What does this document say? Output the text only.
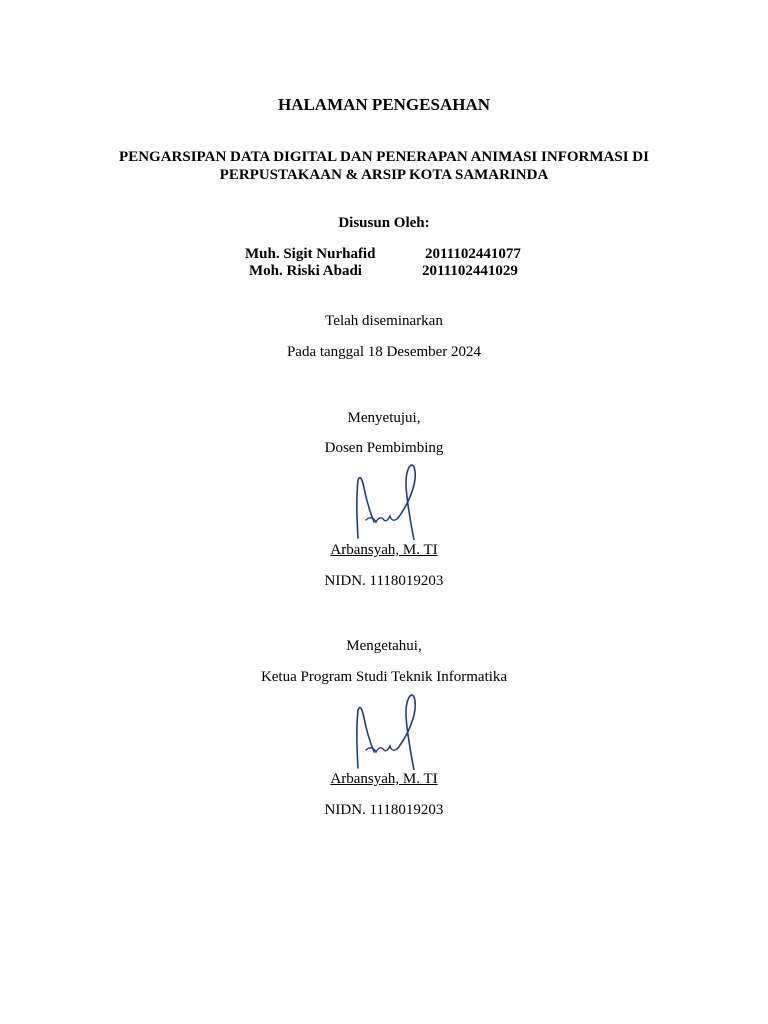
HALAMAN PENGESAHAN
PENGARSIPAN DATA DIGITAL DAN PENERAPAN ANIMASI INFORMASI DI
PERPUSTAKAAN & ARSIP KOTA SAMARINDA
Disusun Oleh:
Muh. Sigit Nurhafid	2011102441077
Moh. Riski Abadi	2011102441029
Telah diseminarkan
Pada tanggal 18 Desember 2024
Menyetujui,
Dosen Pembimbing
Arbansyah, M. TI
NIDN. 1118019203
Mengetahui,
Ketua Program Studi Teknik Informatika
Arbansyah, M. TI
NIDN. 1118019203
